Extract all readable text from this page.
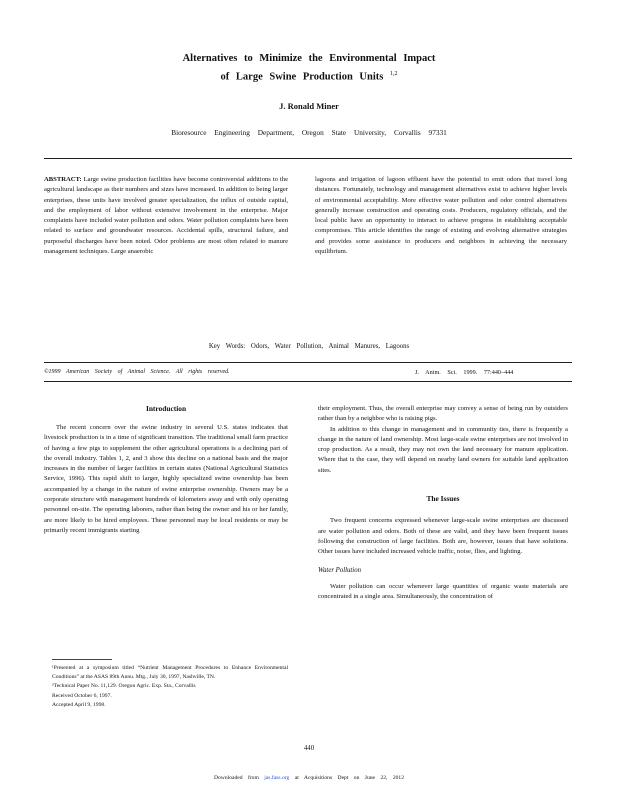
Alternatives to Minimize the Environmental Impact
of Large Swine Production Units $^{1,2}$
J. Ronald Miner
Bioresource Engineering Department, Oregon State University, Corvallis 97331
ABSTRACT: Large swine production facilities have become controversial additions to the agricultural landscape as their numbers and sizes have increased. In addition to being larger enterprises, these units have involved greater specialization, the influx of outside capital, and the employment of labor without extensive involvement in the enterprise. Major complaints have included water pollution and odors. Water pollution complaints have been related to surface and groundwater resources. Accidental spills, structural failure, and purposeful discharges have been noted. Odor problems are most often related to manure management techniques. Large anaerobic
lagoons and irrigation of lagoon effluent have the potential to emit odors that travel long distances. Fortunately, technology and management alternatives exist to achieve higher levels of environmental acceptability. More effective water pollution and odor control alternatives generally increase construction and operating costs. Producers, regulatory officials, and the local public have an opportunity to interact to achieve progress in establishing acceptable compromises. This article identifies the range of existing and evolving alternative strategies and provides some assistance to producers and neighbors in achieving the necessary equilibrium.
Key Words: Odors, Water Pollution, Animal Manures, Lagoons
©1999 American Society of Animal Science. All rights reserved.	J. Anim. Sci. 1999. 77:440–444
Introduction

The recent concern over the swine industry in several U.S. states indicates that livestock production is in a time of significant transition. The traditional small farm practice of having a few pigs to supplement the other agricultural operations is a declining part of the overall industry. Tables 1, 2, and 3 show this decline on a national basis and the major increases in the number of larger facilities in certain states (National Agricultural Statistics Service, 1996). This rapid shift to larger, highly specialized swine ownership has been accompanied by a change in the nature of swine enterprise ownership. Owners may be a corporate structure with management hundreds of kilometers away and with only operating personnel on-site. The operating laborers, rather than being the owner and his or her family, are more likely to be hired employees. These personnel may be local residents or may be primarily recent immigrants starting

¹Presented at a symposium titled “Nutrient Management Procedures to Enhance Environmental Conditions” at the ASAS 89th Annu. Mtg., July 30, 1997, Nashville, TN.

²Technical Paper No. 11,129. Oregon Agric. Exp. Sta., Corvallis

Received October 6, 1997.

Accepted April 9, 1998.

their employment. Thus, the overall enterprise may convey a sense of being run by outsiders rather than by a neighbor who is raising pigs.

In addition to this change in management and in community ties, there is frequently a change in the nature of land ownership. Most large-scale swine enterprises are not involved in crop production. As a result, they may not own the land necessary for manure application. Where that is the case, they will depend on nearby land owners for suitable land application sites.

The Issues

Two frequent concerns expressed whenever large-scale swine enterprises are discussed are water pollution and odors. Both of these are valid, and they have been frequent issues following the construction of large facilities. Both are, however, issues that have solutions. Other issues have included increased vehicle traffic, noise, flies, and lighting.

Water Pollution

Water pollution can occur whenever large quantities of organic waste materials are concentrated in a single area. Simultaneously, the concentration of

440
Downloaded from jas.fass.org at Acquisitions Dept on June 22, 2012
